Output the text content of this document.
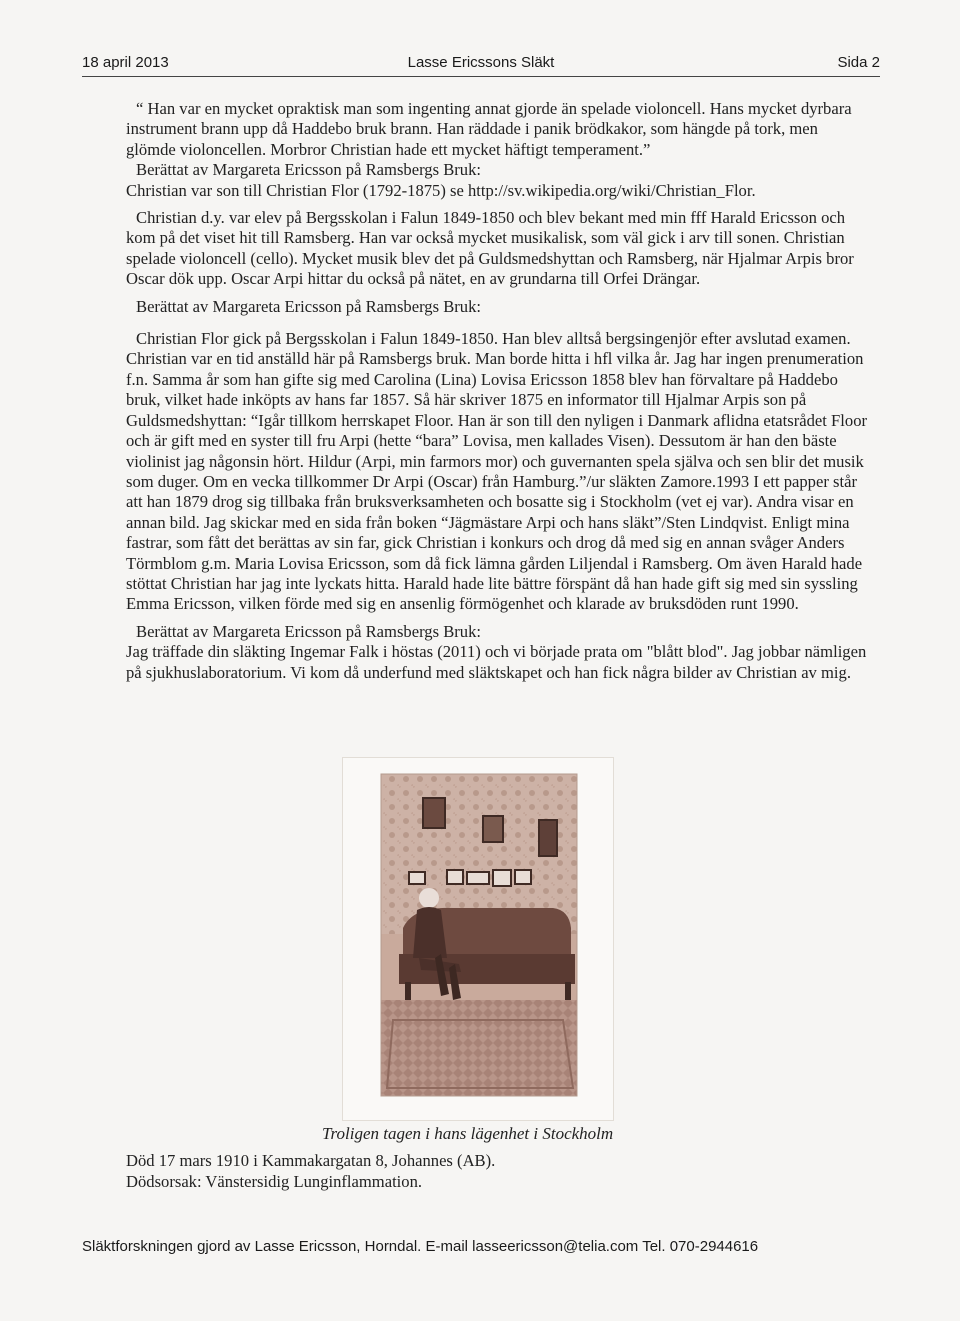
18 april 2013	Lasse Ericssons Släkt	Sida 2

“ Han var en mycket opraktisk man som ingenting annat gjorde än spelade violoncell. Hans mycket dyrbara instrument brann upp då Haddebo bruk brann. Han räddade i panik brödkakor, som hängde på tork, men glömde violoncellen. Morbror Christian hade ett mycket häftigt temperament.”

Berättat av Margareta Ericsson på Ramsbergs Bruk:

Christian var son till Christian Flor (1792-1875) se http://sv.wikipedia.org/wiki/Christian_Flor.

Christian d.y. var elev på Bergsskolan i Falun 1849-1850 och blev bekant med min fff Harald Ericsson och kom på det viset hit till Ramsberg. Han var också mycket musikalisk, som väl gick i arv till sonen. Christian spelade violoncell (cello). Mycket musik blev det på Guldsmedshyttan och Ramsberg, när Hjalmar Arpis bror Oscar dök upp. Oscar Arpi hittar du också på nätet, en av grundarna till Orfei Drängar.

Berättat av Margareta Ericsson på Ramsbergs Bruk:

Christian Flor gick på Bergsskolan i Falun 1849-1850. Han blev alltså bergsingenjör efter avslutad examen. Christian var en tid anställd här på Ramsbergs bruk. Man borde hitta i hfl vilka år. Jag har ingen prenumeration f.n. Samma år som han gifte sig med Carolina (Lina) Lovisa Ericsson 1858 blev han förvaltare på Haddebo bruk, vilket hade inköpts av hans far 1857. Så här skriver 1875 en informator till Hjalmar Arpis son på Guldsmedshyttan: “Igår tillkom herrskapet Floor. Han är son till den nyligen i Danmark aflidna etatsrådet Floor och är gift med en syster till fru Arpi (hette “bara” Lovisa, men kallades Visen). Dessutom är han den bäste violinist jag någonsin hört. Hildur (Arpi, min farmors mor) och guvernanten spela själva och sen blir det musik som duger. Om en vecka tillkommer Dr Arpi (Oscar) från Hamburg.”/ur släkten Zamore.1993 I ett papper står att han 1879 drog sig tillbaka från bruksverksamheten och bosatte sig i Stockholm (vet ej var). Andra visar en annan bild. Jag skickar med en sida från boken “Jägmästare Arpi och hans släkt”/Sten Lindqvist. Enligt mina fastrar, som fått det berättas av sin far, gick Christian i konkurs och drog då med sig en annan svåger Anders Törmblom g.m. Maria Lovisa Ericsson, som då fick lämna gården Liljendal i Ramsberg. Om även Harald hade stöttat Christian har jag inte lyckats hitta. Harald hade lite bättre förspänt då han hade gift sig med sin syssling Emma Ericsson, vilken förde med sig en ansenlig förmögenhet och klarade av bruksdöden runt 1990.

Berättat av Margareta Ericsson på Ramsbergs Bruk:

Jag träffade din släkting Ingemar Falk i höstas (2011) och vi började prata om "blått blod". Jag jobbar nämligen på sjukhuslaboratorium. Vi kom då underfund med släktskapet och han fick några bilder av Christian av mig.

Troligen tagen i hans lägenhet i Stockholm

Död 17 mars 1910 i Kammakargatan 8, Johannes (AB).

Dödsorsak: Vänstersidig Lunginflammation.

Släktforskningen gjord av Lasse Ericsson, Horndal. E-mail lasseericsson@telia.com Tel. 070-2944616
